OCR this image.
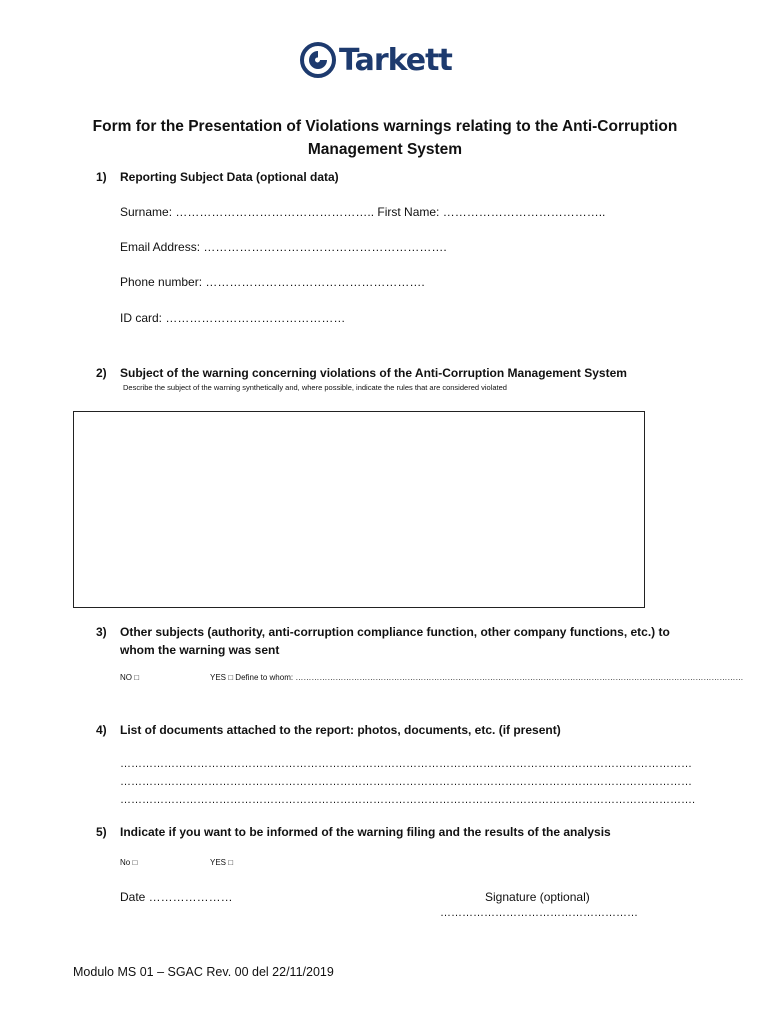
Tarkett
Form for the Presentation of Violations warnings relating to the Anti-Corruption
Management System
1) Reporting Subject Data (optional data)
Surname: ………………………………………….. First Name: …………………………………..
Email Address: …………………………………………………….
Phone number: ……………………………………………….
ID card: ………………………………………
2) Subject of the warning concerning violations of the Anti-Corruption Management System
Describe the subject of the warning synthetically and, where possible, indicate the rules that are considered violated
3) Other subjects (authority, anti-corruption compliance function, other company functions, etc.) to
whom the warning was sent
NO □	YES □ Define to whom: ……………………………………………………………………………………………………………………………………………………
4) List of documents attached to the report: photos, documents, etc. (if present)
…………………………………………………………………………………………………………………………………………
…………………………………………………………………………………………………………………………………………
………………………………………………………………………………………………………………………………………….
5) Indicate if you want to be informed of the warning filing and the results of the analysis
No □	YES □
Date …………………	Signature (optional)
………………………………………………
Modulo MS 01 – SGAC Rev. 00 del 22/11/2019
